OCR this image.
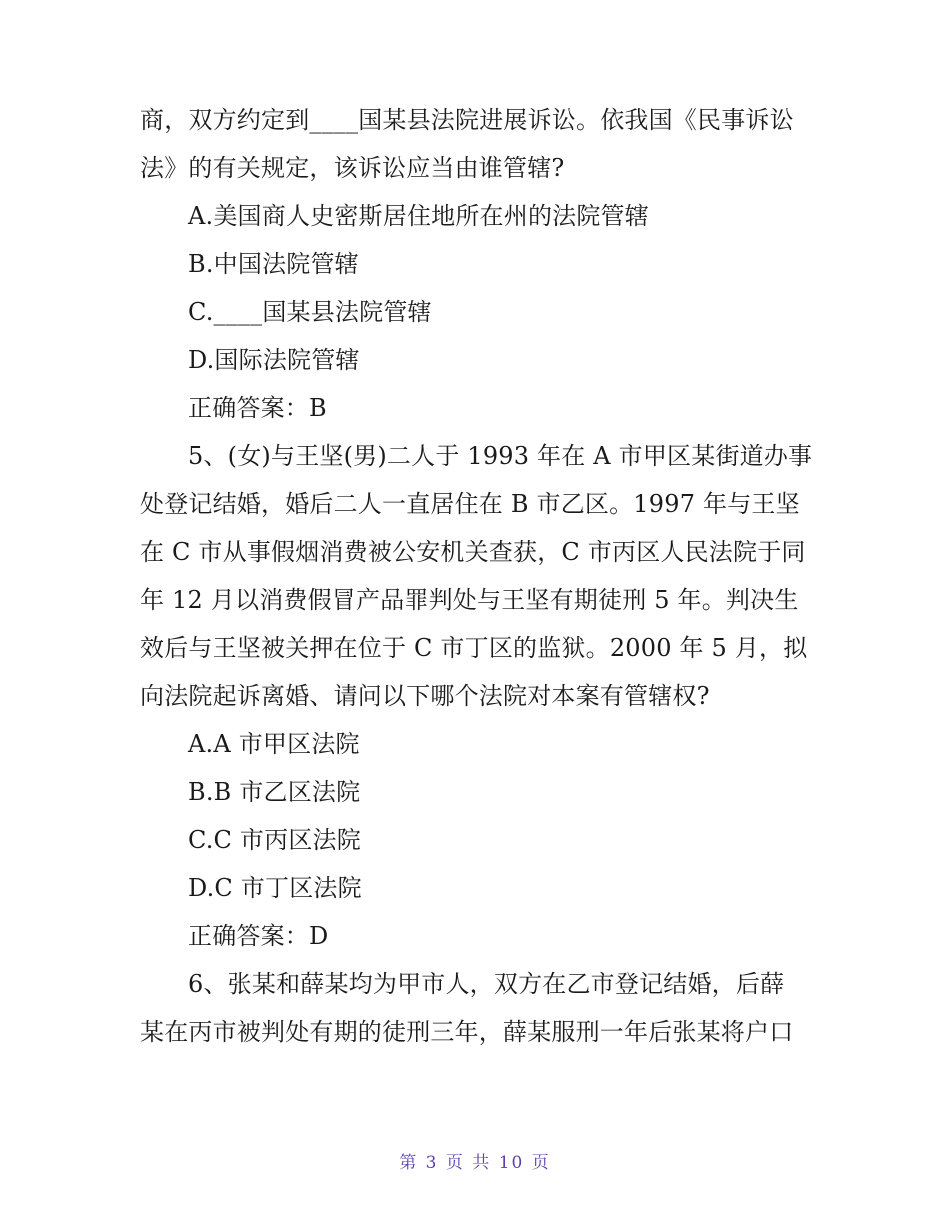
商，双方约定到____国某县法院进展诉讼。依我国《民事诉讼
法》的有关规定，该诉讼应当由谁管辖?
A.美国商人史密斯居住地所在州的法院管辖
B.中国法院管辖
C.____国某县法院管辖
D.国际法院管辖
正确答案：B
5、(女)与王坚(男)二人于 1993 年在 A 市甲区某街道办事
处登记结婚，婚后二人一直居住在 B 市乙区。1997 年与王坚
在 C 市从事假烟消费被公安机关查获，C 市丙区人民法院于同
年 12 月以消费假冒产品罪判处与王坚有期徒刑 5 年。判决生
效后与王坚被关押在位于 C 市丁区的监狱。2000 年 5 月，拟
向法院起诉离婚、请问以下哪个法院对本案有管辖权?
A.A 市甲区法院
B.B 市乙区法院
C.C 市丙区法院
D.C 市丁区法院
正确答案：D
6、张某和薛某均为甲市人，双方在乙市登记结婚，后薛
某在丙市被判处有期的徒刑三年，薛某服刑一年后张某将户口
第 3 页 共 10 页
